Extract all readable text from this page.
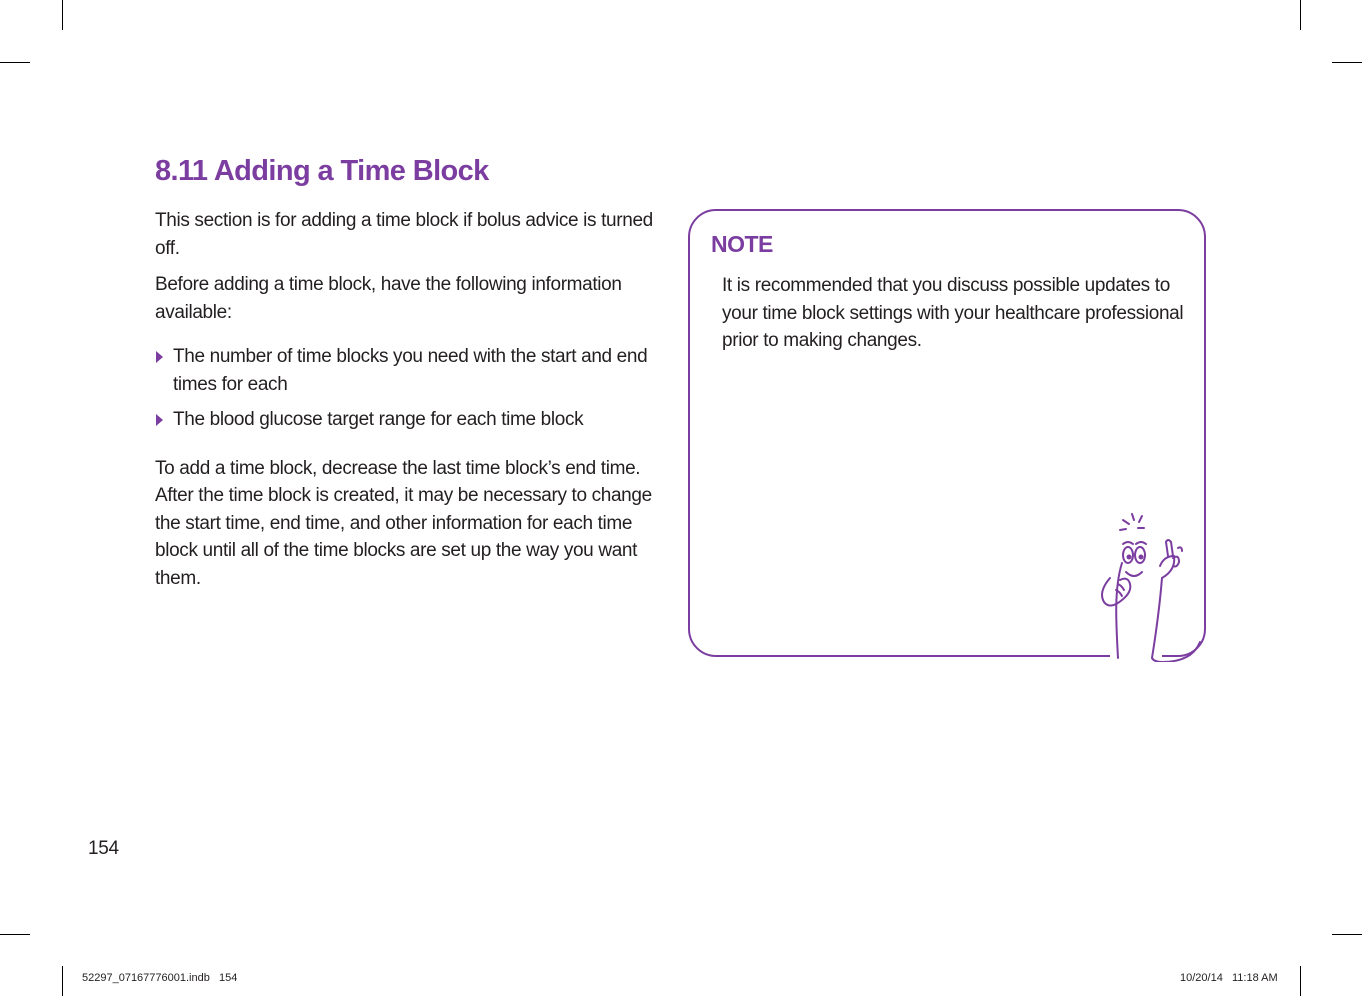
8.11 Adding a Time Block

This section is for adding a time block if bolus advice is turned off.

Before adding a time block, have the following information available:

The number of time blocks you need with the start and end times for each
The blood glucose target range for each time block

To add a time block, decrease the last time block’s end time. After the time block is created, it may be necessary to change the start time, end time, and other information for each time block until all of the time blocks are set up the way you want them.

NOTE

It is recommended that you discuss possible updates to your time block settings with your healthcare professional prior to making changes.

154
52297_07167776001.indb   154	10/20/14   11:18 AM
